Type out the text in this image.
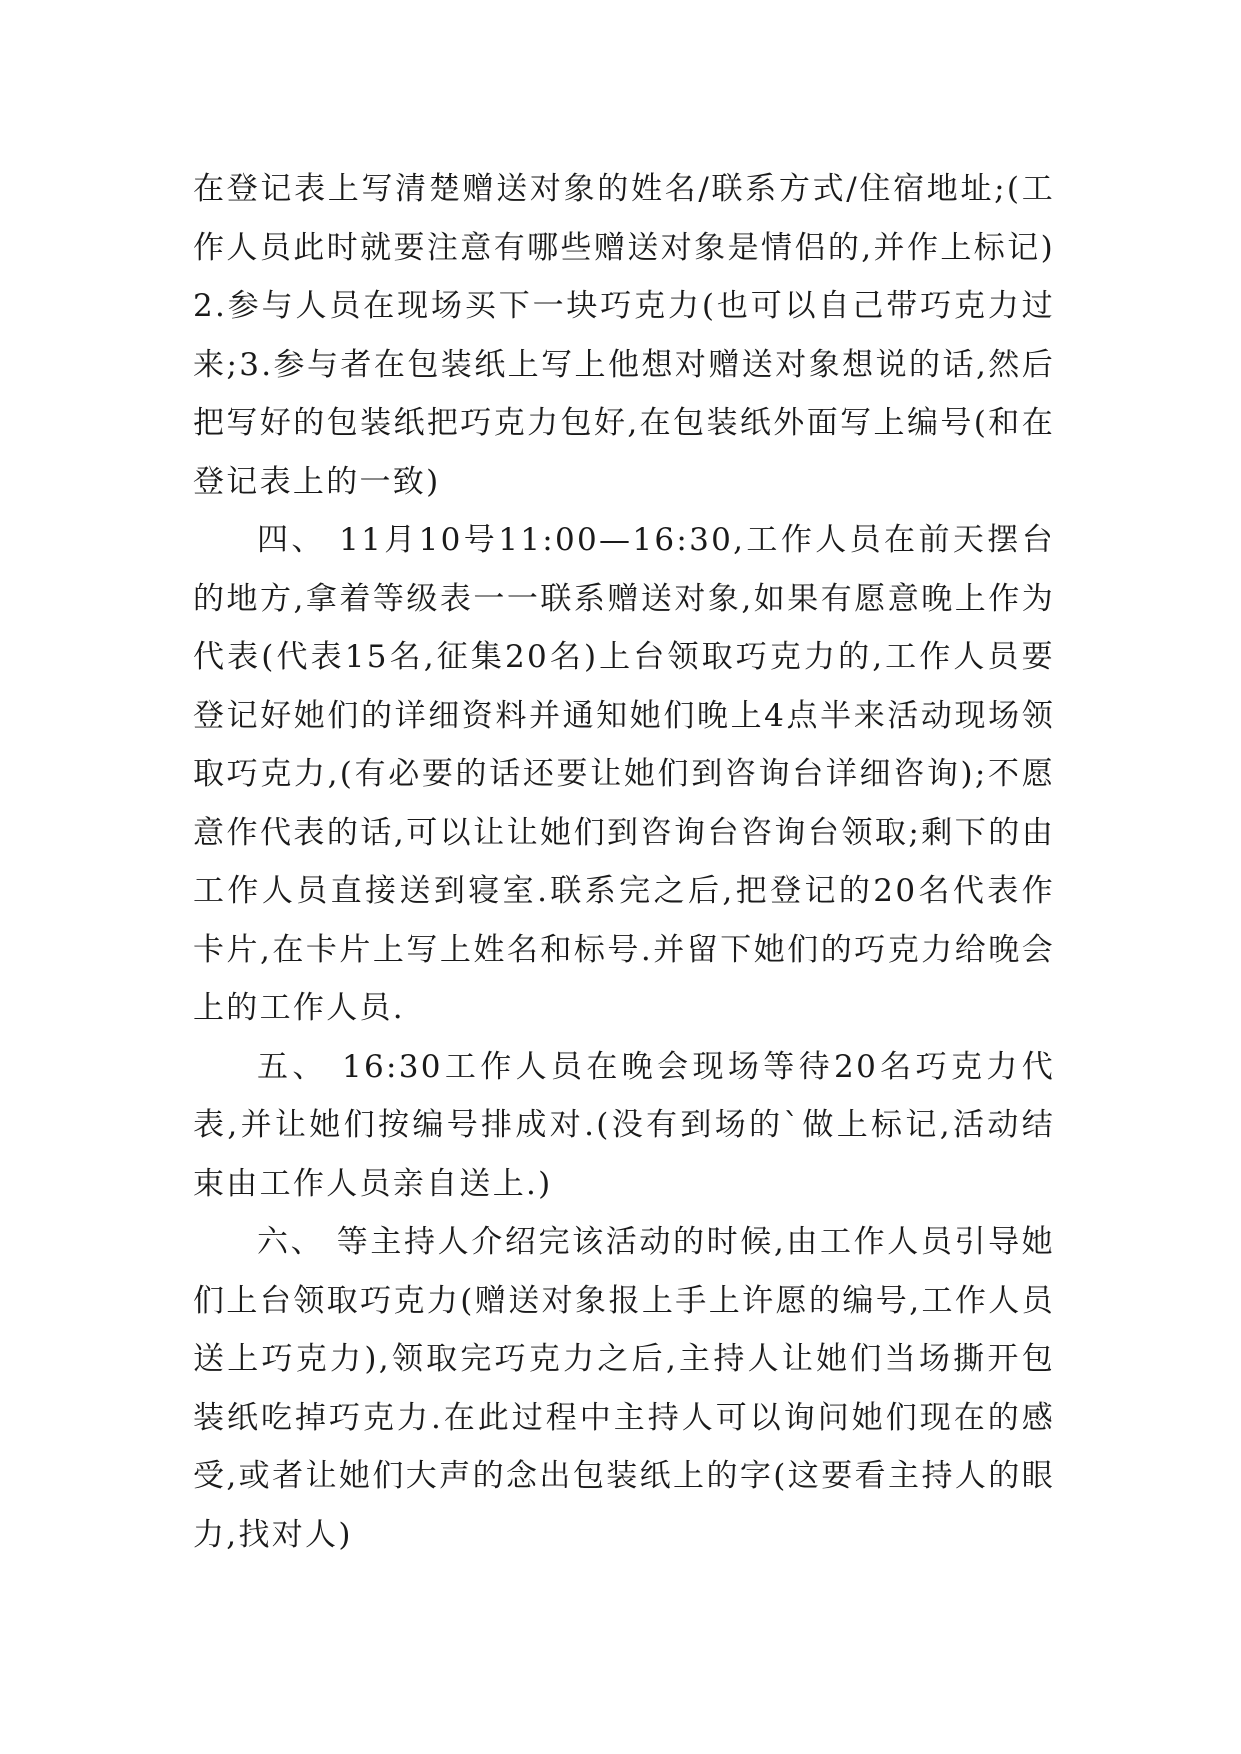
在登记表上写清楚赠送对象的姓名/联系方式/住宿地址;(工作人员此时就要注意有哪些赠送对象是情侣的,并作上标记)2.参与人员在现场买下一块巧克力(也可以自己带巧克力过来;3.参与者在包装纸上写上他想对赠送对象想说的话,然后把写好的包装纸把巧克力包好,在包装纸外面写上编号(和在登记表上的一致)

四、 11月10号11:00—16:30,工作人员在前天摆台的地方,拿着等级表一一联系赠送对象,如果有愿意晚上作为代表(代表15名,征集20名)上台领取巧克力的,工作人员要登记好她们的详细资料并通知她们晚上4点半来活动现场领取巧克力,(有必要的话还要让她们到咨询台详细咨询);不愿意作代表的话,可以让让她们到咨询台咨询台领取;剩下的由工作人员直接送到寝室.联系完之后,把登记的20名代表作卡片,在卡片上写上姓名和标号.并留下她们的巧克力给晚会上的工作人员.

五、 16:30工作人员在晚会现场等待20名巧克力代表,并让她们按编号排成对.(没有到场的`做上标记,活动结束由工作人员亲自送上.)

六、 等主持人介绍完该活动的时候,由工作人员引导她们上台领取巧克力(赠送对象报上手上许愿的编号,工作人员送上巧克力),领取完巧克力之后,主持人让她们当场撕开包装纸吃掉巧克力.在此过程中主持人可以询问她们现在的感受,或者让她们大声的念出包装纸上的字(这要看主持人的眼力,找对人)
